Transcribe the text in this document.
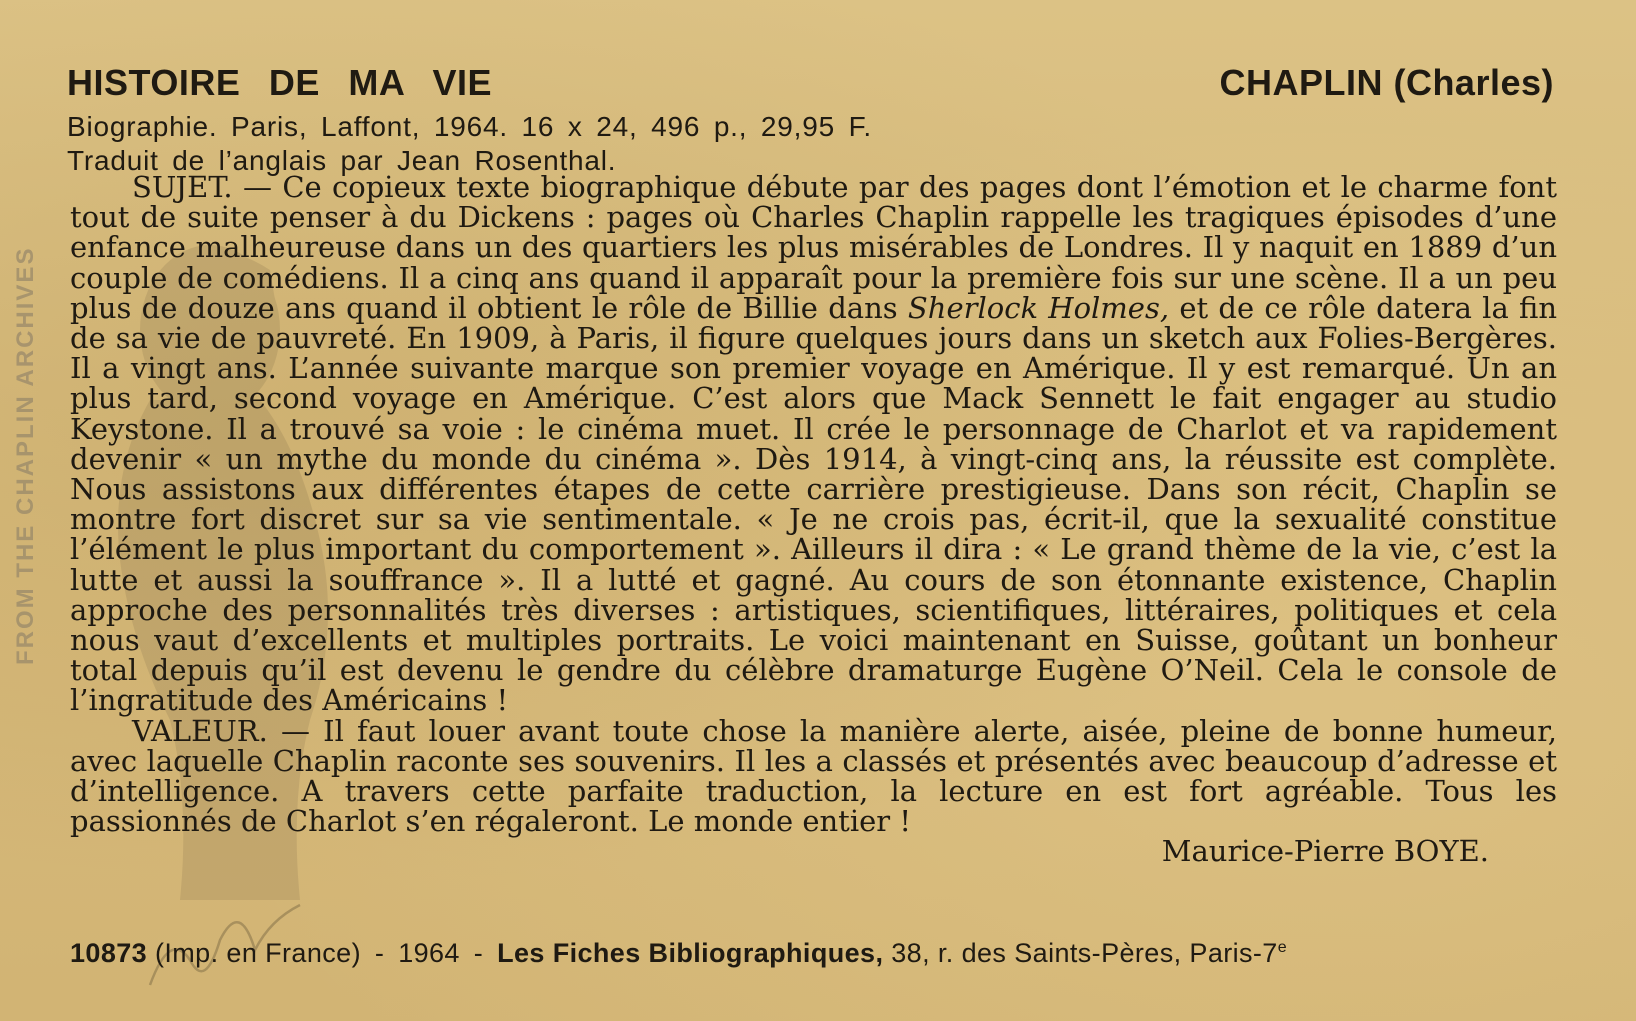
FROM THE CHAPLIN ARCHIVES
HISTOIRE DE MA VIE	CHAPLIN (Charles)
Biographie. Paris, Laffont, 1964. 16 x 24, 496 p., 29,95 F.
Traduit de l’anglais par Jean Rosenthal.

SUJET. — Ce copieux texte biographique débute par des pages dont l’émotion et le charme font tout de suite penser à du Dickens : pages où Charles Chaplin rappelle les tragiques épisodes d’une enfance malheureuse dans un des quartiers les plus misérables de Londres. Il y naquit en 1889 d’un couple de comédiens. Il a cinq ans quand il apparaît pour la première fois sur une scène. Il a un peu plus de douze ans quand il obtient le rôle de Billie dans Sherlock Holmes, et de ce rôle datera la fin de sa vie de pauvreté. En 1909, à Paris, il figure quelques jours dans un sketch aux Folies-Bergères. Il a vingt ans. L’année suivante marque son premier voyage en Amérique. Il y est remarqué. Un an plus tard, second voyage en Amérique. C’est alors que Mack Sennett le fait engager au studio Keystone. Il a trouvé sa voie : le cinéma muet. Il crée le personnage de Charlot et va rapidement devenir « un mythe du monde du cinéma ». Dès 1914, à vingt-cinq ans, la réussite est complète. Nous assistons aux différentes étapes de cette carrière prestigieuse. Dans son récit, Chaplin se montre fort discret sur sa vie sentimentale. « Je ne crois pas, écrit-il, que la sexualité constitue l’élément le plus important du comportement ». Ailleurs il dira : « Le grand thème de la vie, c’est la lutte et aussi la souffrance ». Il a lutté et gagné. Au cours de son étonnante existence, Chaplin approche des personnalités très diverses : artistiques, scientifiques, littéraires, politiques et cela nous vaut d’excellents et multiples portraits. Le voici maintenant en Suisse, goûtant un bonheur total depuis qu’il est devenu le gendre du célèbre dramaturge Eugène O’Neil. Cela le console de l’ingratitude des Américains !

VALEUR. — Il faut louer avant toute chose la manière alerte, aisée, pleine de bonne humeur, avec laquelle Chaplin raconte ses souvenirs. Il les a classés et présentés avec beaucoup d’adresse et d’intelligence. A travers cette parfaite traduction, la lecture en est fort agréable. Tous les passionnés de Charlot s’en régaleront. Le monde entier !

Maurice-Pierre BOYE.
10873 (Imp. en France) - 1964 - Les Fiches Bibliographiques, 38, r. des Saints-Pères, Paris-7e
